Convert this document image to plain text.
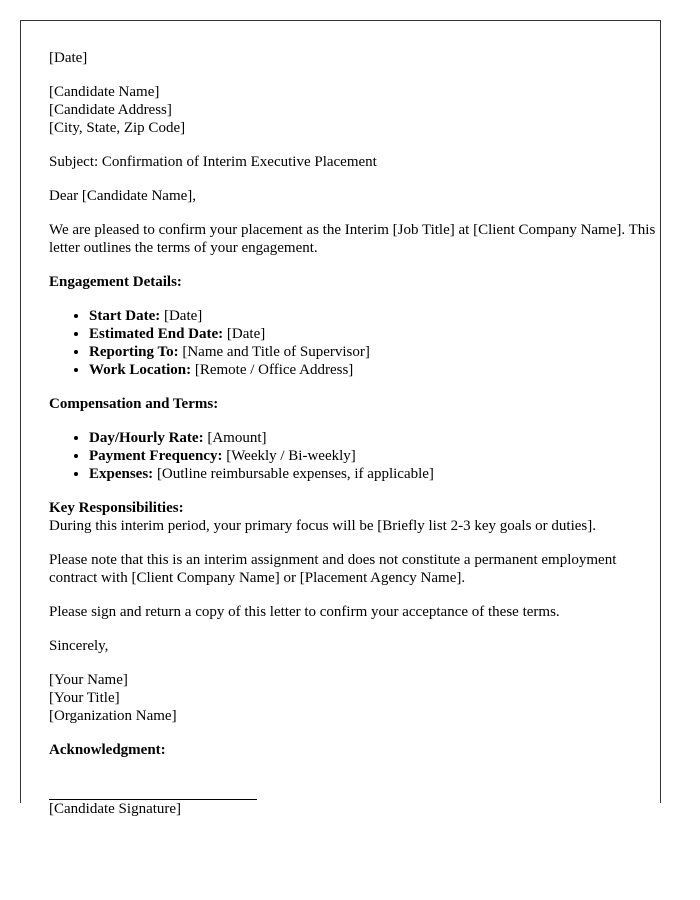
[Date]

[Candidate Name]
[Candidate Address]
[City, State, Zip Code]

Subject: Confirmation of Interim Executive Placement

Dear [Candidate Name],

We are pleased to confirm your placement as the Interim [Job Title] at [Client Company Name]. This letter outlines the terms of your engagement.

Engagement Details:

• Start Date: [Date]
• Estimated End Date: [Date]
• Reporting To: [Name and Title of Supervisor]
• Work Location: [Remote / Office Address]

Compensation and Terms:

• Day/Hourly Rate: [Amount]
• Payment Frequency: [Weekly / Bi-weekly]
• Expenses: [Outline reimbursable expenses, if applicable]

Key Responsibilities:
During this interim period, your primary focus will be [Briefly list 2-3 key goals or duties].

Please note that this is an interim assignment and does not constitute a permanent employment contract with [Client Company Name] or [Placement Agency Name].

Please sign and return a copy of this letter to confirm your acceptance of these terms.

Sincerely,

[Your Name]
[Your Title]
[Organization Name]

Acknowledgment:

[Candidate Signature]
